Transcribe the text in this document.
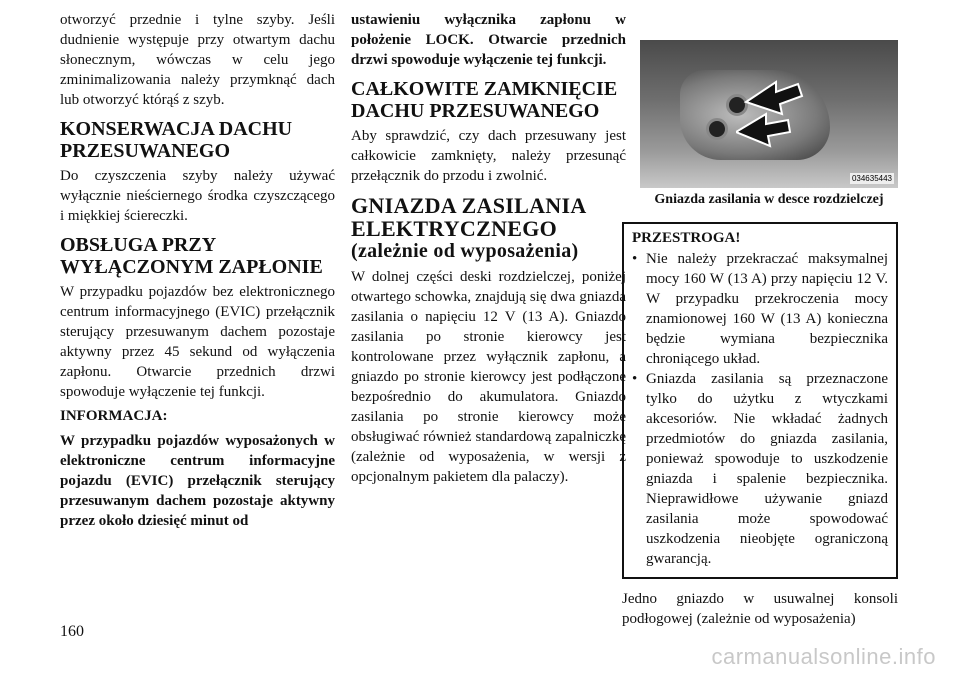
otworzyć przednie i tylne szyby. Jeśli dudnienie występuje przy otwartym dachu słonecznym, wówczas w celu jego zminimalizowania należy przymknąć dach lub otworzyć którąś z szyb.

KONSERWACJA DACHU PRZESUWANEGO

Do czyszczenia szyby należy używać wyłącznie nieściernego środka czyszczącego i miękkiej ściereczki.

OBSŁUGA PRZY WYŁĄCZONYM ZAPŁONIE

W przypadku pojazdów bez elektronicznego centrum informacyjnego (EVIC) przełącznik sterujący przesuwanym dachem pozostaje aktywny przez 45 sekund od wyłączenia zapłonu. Otwarcie przednich drzwi spowoduje wyłączenie tej funkcji.

INFORMACJA:

W przypadku pojazdów wyposażonych w elektroniczne centrum informacyjne pojazdu (EVIC) przełącznik sterujący przesuwanym dachem pozostaje aktywny przez około dziesięć minut od

ustawieniu wyłącznika zapłonu w położenie LOCK. Otwarcie przednich drzwi spowoduje wyłączenie tej funkcji.

CAŁKOWITE ZAMKNIĘCIE DACHU PRZESUWANEGO

Aby sprawdzić, czy dach przesuwany jest całkowicie zamknięty, należy przesunąć przełącznik do przodu i zwolnić.

GNIAZDA ZASILANIA ELEKTRYCZNEGO
(zależnie od wyposażenia)

W dolnej części deski rozdzielczej, poniżej otwartego schowka, znajdują się dwa gniazda zasilania o napięciu 12 V (13 A). Gniazdo zasilania po stronie kierowcy jest kontrolowane przez wyłącznik zapłonu, a gniazdo po stronie kierowcy jest podłączone bezpośrednio do akumulatora. Gniazdo zasilania po stronie kierowcy może obsługiwać również standardową zapalniczkę (zależnie od wyposażenia, w wersji z opcjonalnym pakietem dla palaczy).

034635443
Gniazda zasilania w desce rozdzielczej
PRZESTROGA!
• Nie należy przekraczać maksymalnej mocy 160 W (13 A) przy napięciu 12 V. W przypadku przekroczenia mocy znamionowej 160 W (13 A) konieczna będzie wymiana bezpiecznika chroniącego układ.
• Gniazda zasilania są przeznaczone tylko do użytku z wtyczkami akcesoriów. Nie wkładać żadnych przedmiotów do gniazda zasilania, ponieważ spowoduje to uszkodzenie gniazda i spalenie bezpiecznika. Nieprawidłowe używanie gniazd zasilania może spowodować uszkodzenia nieobjęte ograniczoną gwarancją.

Jedno gniazdo w usuwalnej konsoli podłogowej (zależnie od wyposażenia)

160
carmanualsonline.info
